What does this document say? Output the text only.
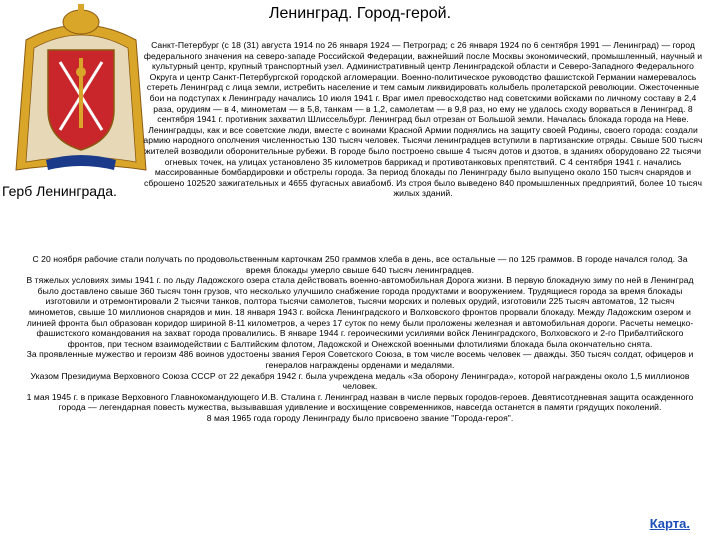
Ленинград. Город-герой.
Герб Ленинграда.

Санкт-Петербург (с 18 (31) августа 1914 по 26 января 1924 — Петроград; с 26 января 1924 по 6 сентября 1991 — Ленинград) — город федерального значения на северо-западе Российской Федерации, важнейший после Москвы экономический, промышленный, научный и культурный центр, крупный транспортный узел. Административный центр Ленинградской области и Северо-Западного Федерального Округа и центр Санкт-Петербургской городской агломерации. Военно-политическое руководство фашистской Германии намеревалось стереть Ленинград с лица земли, истребить население и тем самым ликвидировать колыбель пролетарской революции. Ожесточенные бои на подступах к Ленинграду начались 10 июля 1941 г. Враг имел превосходство над советскими войсками по личному составу в 2,4 раза, орудиям — в 4, минометам — в 5,8, танкам — в 1,2, самолетам — в 9,8 раз, но ему не удалось сходу ворваться в Ленинград. 8 сентября 1941 г. противник захватил Шлиссельбург. Ленинград был отрезан от Большой земли. Началась блокада города на Неве. Ленинградцы, как и все советские люди, вместе с воинами Красной Армии поднялись на защиту своей Родины, своего города: создали армию народного ополчения численностью 130 тысяч человек. Тысячи ленинградцев вступили в партизанские отряды. Свыше 500 тысяч жителей возводили оборонительные рубежи. В городе было построено свыше 4 тысяч дотов и дзотов, в зданиях оборудовано 22 тысячи огневых точек, на улицах установлено 35 километров баррикад и противотанковых препятствий. С 4 сентября 1941 г. начались массированные бомбардировки и обстрелы города. За период блокады по Ленинграду было выпущено около 150 тысяч снарядов и сброшено 102520 зажигательных и 4655 фугасных авиабомб. Из строя было выведено 840 промышленных предприятий, более 10 тысяч жилых зданий.

С 20 ноября рабочие стали получать по продовольственным карточкам 250 граммов хлеба в день, все остальные — по 125 граммов. В городе начался голод. За время блокады умерло свыше 640 тысяч ленинградцев.

В тяжелых условиях зимы 1941 г. по льду Ладожского озера стала действовать военно-автомобильная Дорога жизни. В первую блокадную зиму по ней в Ленинград было доставлено свыше 360 тысяч тонн грузов, что несколько улучшило снабжение города продуктами и вооружением. Трудящиеся города за время блокады изготовили и отремонтировали 2 тысячи танков, полтора тысячи самолетов, тысячи морских и полевых орудий, изготовили 225 тысяч автоматов, 12 тысяч минометов, свыше 10 миллионов снарядов и мин. 18 января 1943 г. войска Ленинградского и Волховского фронтов прорвали блокаду. Между Ладожским озером и линией фронта был образован коридор шириной 8-11 километров, а через 17 суток по нему были проложены железная и автомобильная дороги. Расчеты немецко-фашистского командования на захват города провалились. В январе 1944 г. героическими усилиями войск Ленинградского, Волховского и 2-го Прибалтийского фронтов, при тесном взаимодействии с Балтийским флотом, Ладожской и Онежской военными флотилиями блокада была окончательно снята.

За проявленные мужество и героизм 486 воинов удостоены звания Героя Советского Союза, в том числе восемь человек — дважды. 350 тысяч солдат, офицеров и генералов награждены орденами и медалями.

Указом Президиума Верховного Союза СССР от 22 декабря 1942 г. была учреждена медаль «За оборону Ленинграда», которой награждены около 1,5 миллионов человек.

1 мая 1945 г. в приказе Верховного Главнокомандующего И.В. Сталина г. Ленинград назван в числе первых городов-героев. Девятисотдневная защита осажденного города — легендарная повесть мужества, вызывавшая удивление и восхищение современников, навсегда останется в памяти грядущих поколений.

8 мая 1965 года городу Ленинграду было присвоено звание "Города-героя".

Карта.
